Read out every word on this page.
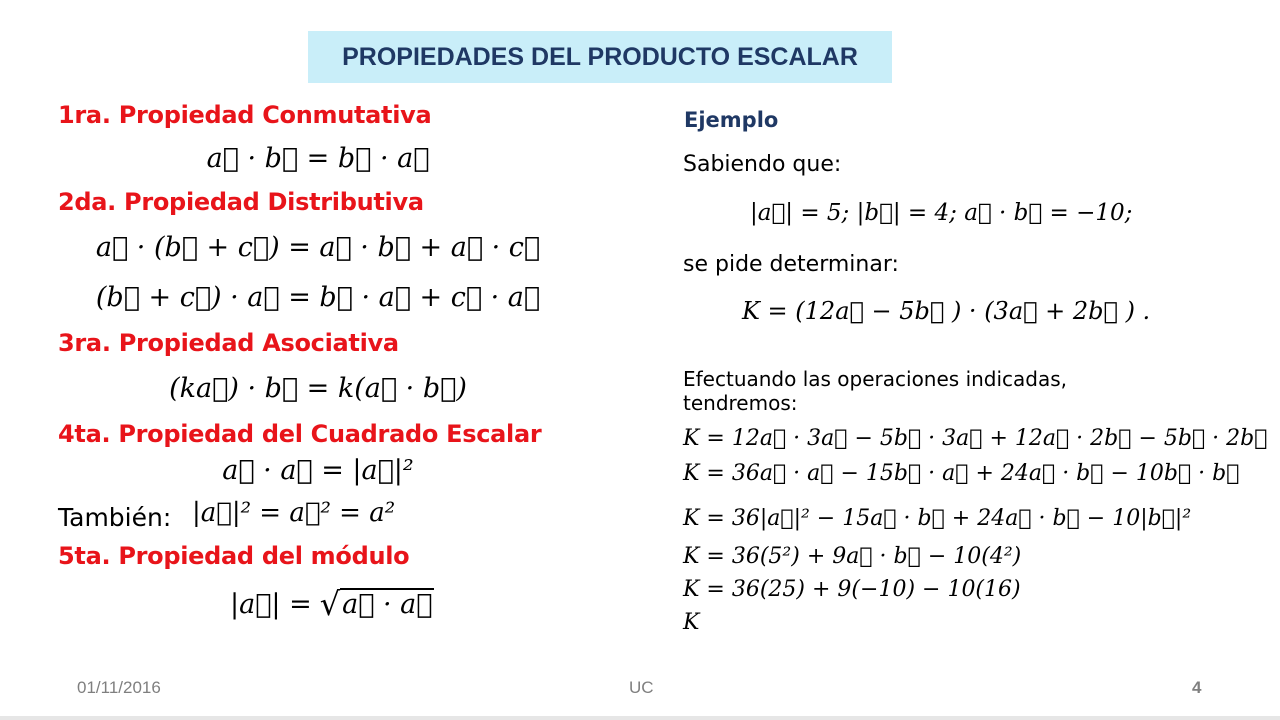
PROPIEDADES DEL PRODUCTO ESCALAR
1ra. Propiedad Conmutativa
a⃗ · b⃗ = b⃗ · a⃗
2da. Propiedad Distributiva
a⃗ · (b⃗ + c⃗) = a⃗ · b⃗ + a⃗ · c⃗
(b⃗ + c⃗) · a⃗ = b⃗ · a⃗ + c⃗ · a⃗
3ra. Propiedad Asociativa
(ka⃗) · b⃗ = k(a⃗ · b⃗)
4ta. Propiedad del Cuadrado Escalar
a⃗ · a⃗ = |a⃗|²
También: |a⃗|² = a⃗² = a²
5ta. Propiedad del módulo
|a⃗| = √ a⃗ · a⃗
Ejemplo
Sabiendo que:
|a⃗| = 5; |b⃗| = 4; a⃗ · b⃗ = −10;
se pide determinar:
K = (12a⃗ − 5b⃗ ) · (3a⃗ + 2b⃗ ) .
Efectuando las operaciones indicadas,
tendremos:
K = 12a⃗ · 3a⃗ − 5b⃗ · 3a⃗ + 12a⃗ · 2b⃗ − 5b⃗ · 2b⃗
K = 36a⃗ · a⃗ − 15b⃗ · a⃗ + 24a⃗ · b⃗ − 10b⃗ · b⃗
K = 36|a⃗|² − 15a⃗ · b⃗ + 24a⃗ · b⃗ − 10|b⃗|²
K = 36(5²) + 9a⃗ · b⃗ − 10(4²)
K = 36(25) + 9(−10) − 10(16)
K
01/11/2016	UC	4
